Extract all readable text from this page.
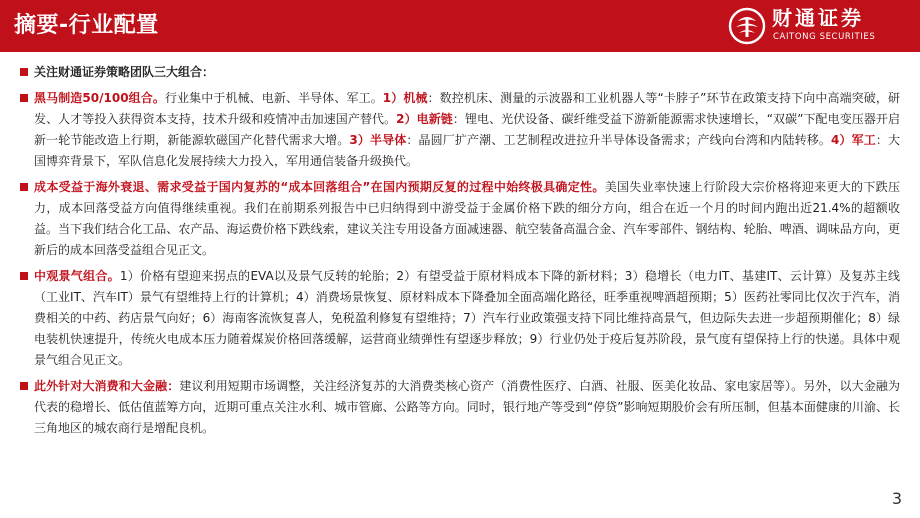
摘要-行业配置	财通证券
CAITONG SECURITIES
关注财通证券策略团队三大组合：
黑马制造50/100组合。行业集中于机械、电新、半导体、军工。1）机械：数控机床、测量的示波器和工业机器人等“卡脖子”环节在政策支持下向中高端突破，研发、人才等投入获得资本支持，技术升级和疫情冲击加速国产替代。2）电新链：锂电、光伏设备、碳纤维受益下游新能源需求快速增长，“双碳”下配电变压器开启新一轮节能改造上行期，新能源软磁国产化替代需求大增。3）半导体：晶圆厂扩产潮、工艺制程改进拉升半导体设备需求；产线向台湾和内陆转移。4）军工：大国博弈背景下，军队信息化发展持续大力投入，军用通信装备升级换代。
成本受益于海外衰退、需求受益于国内复苏的“成本回落组合”在国内预期反复的过程中始终极具确定性。美国失业率快速上行阶段大宗价格将迎来更大的下跌压力，成本回落受益方向值得继续重视。我们在前期系列报告中已归纳得到中游受益于金属价格下跌的细分方向，组合在近一个月的时间内跑出近21.4%的超额收益。当下我们结合化工品、农产品、海运费价格下跌线索，建议关注专用设备方面减速器、航空装备高温合金、汽车零部件、钢结构、轮胎、啤酒、调味品方向，更新后的成本回落受益组合见正文。
中观景气组合。1）价格有望迎来拐点的EVA以及景气反转的轮胎；2）有望受益于原材料成本下降的新材料；3）稳增长（电力IT、基建IT、云计算）及复苏主线（工业IT、汽车IT）景气有望维持上行的计算机；4）消费场景恢复、原材料成本下降叠加全面高端化路径，旺季重视啤酒超预期；5）医药社零同比仅次于汽车，消费相关的中药、药店景气向好；6）海南客流恢复喜人，免税盈利修复有望维持；7）汽车行业政策强支持下同比维持高景气，但边际失去进一步超预期催化；8）绿电装机快速提升，传统火电成本压力随着煤炭价格回落缓解，运营商业绩弹性有望逐步释放；9）行业仍处于疫后复苏阶段，景气度有望保持上行的快递。具体中观景气组合见正文。
此外针对大消费和大金融：建议利用短期市场调整，关注经济复苏的大消费类核心资产（消费性医疗、白酒、社服、医美化妆品、家电家居等）。另外，以大金融为代表的稳增长、低估值蓝筹方向，近期可重点关注水利、城市管廊、公路等方向。同时，银行地产等受到“停贷”影响短期股价会有所压制，但基本面健康的川渝、长三角地区的城农商行是增配良机。
3
